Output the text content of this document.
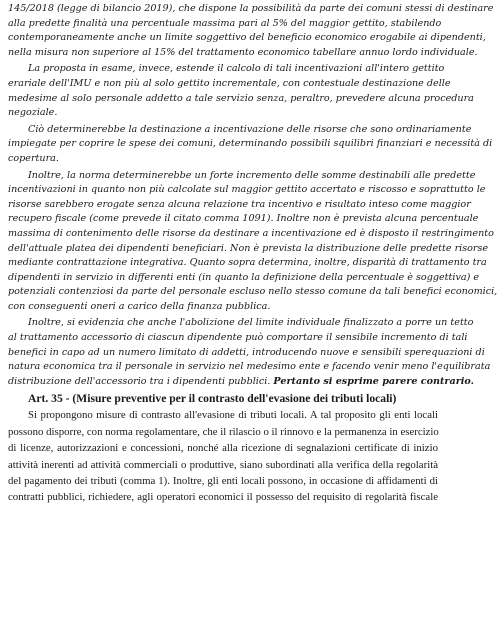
145/2018 (legge di bilancio 2019), che dispone la possibilità da parte dei comuni stessi di destinare
alla predette finalità una percentuale massima pari al 5% del maggior gettito, stabilendo
contemporaneamente anche un limite soggettivo del beneficio economico erogabile ai dipendenti,
nella misura non superiore al 15% del trattamento economico tabellare annuo lordo individuale.
La proposta in esame, invece, estende il calcolo di tali incentivazioni all'intero gettito
erariale dell'IMU e non più al solo gettito incrementale, con contestuale destinazione delle
medesime al solo personale addetto a tale servizio senza, peraltro, prevedere alcuna procedura
negoziale.
Ciò determinerebbe la destinazione a incentivazione delle risorse che sono ordinariamente
impiegate per coprire le spese dei comuni, determinando possibili squilibri finanziari e necessità di
copertura.
Inoltre, la norma determinerebbe un forte incremento delle somme destinabili alle predette
incentivazioni in quanto non più calcolate sul maggior gettito accertato e riscosso e soprattutto le
risorse sarebbero erogate senza alcuna relazione tra incentivo e risultato inteso come maggior
recupero fiscale (come prevede il citato comma 1091). Inoltre non è prevista alcuna percentuale
massima di contenimento delle risorse da destinare a incentivazione ed è disposto il restringimento
dell'attuale platea dei dipendenti beneficiari. Non è prevista la distribuzione delle predette risorse
mediante contrattazione integrativa. Quanto sopra determina, inoltre, disparità di trattamento tra
dipendenti in servizio in differenti enti (in quanto la definizione della percentuale è soggettiva) e
potenziali contenziosi da parte del personale escluso nello stesso comune da tali benefici economici,
con conseguenti oneri a carico della finanza pubblica.
Inoltre, si evidenzia che anche l'abolizione del limite individuale finalizzato a porre un tetto
al trattamento accessorio di ciascun dipendente può comportare il sensibile incremento di tali
benefici in capo ad un numero limitato di addetti, introducendo nuove e sensibili sperequazioni di
natura economica tra il personale in servizio nel medesimo ente e facendo venir meno l'equilibrata
distribuzione dell'accessorio tra i dipendenti pubblici. Pertanto si esprime parere contrario.
Art. 35 - (Misure preventive per il contrasto dell'evasione dei tributi locali)
Si propongono misure di contrasto all'evasione di tributi locali. A tal proposito gli enti locali
possono disporre, con norma regolamentare, che il rilascio o il rinnovo e la permanenza in esercizio
di licenze, autorizzazioni e concessioni, nonché alla ricezione di segnalazioni certificate di inizio
attività inerenti ad attività commerciali o produttive, siano subordinati alla verifica della regolarità
del pagamento dei tributi (comma 1). Inoltre, gli enti locali possono, in occasione di affidamenti di
contratti pubblici, richiedere, agli operatori economici il possesso del requisito di regolarità fiscale
